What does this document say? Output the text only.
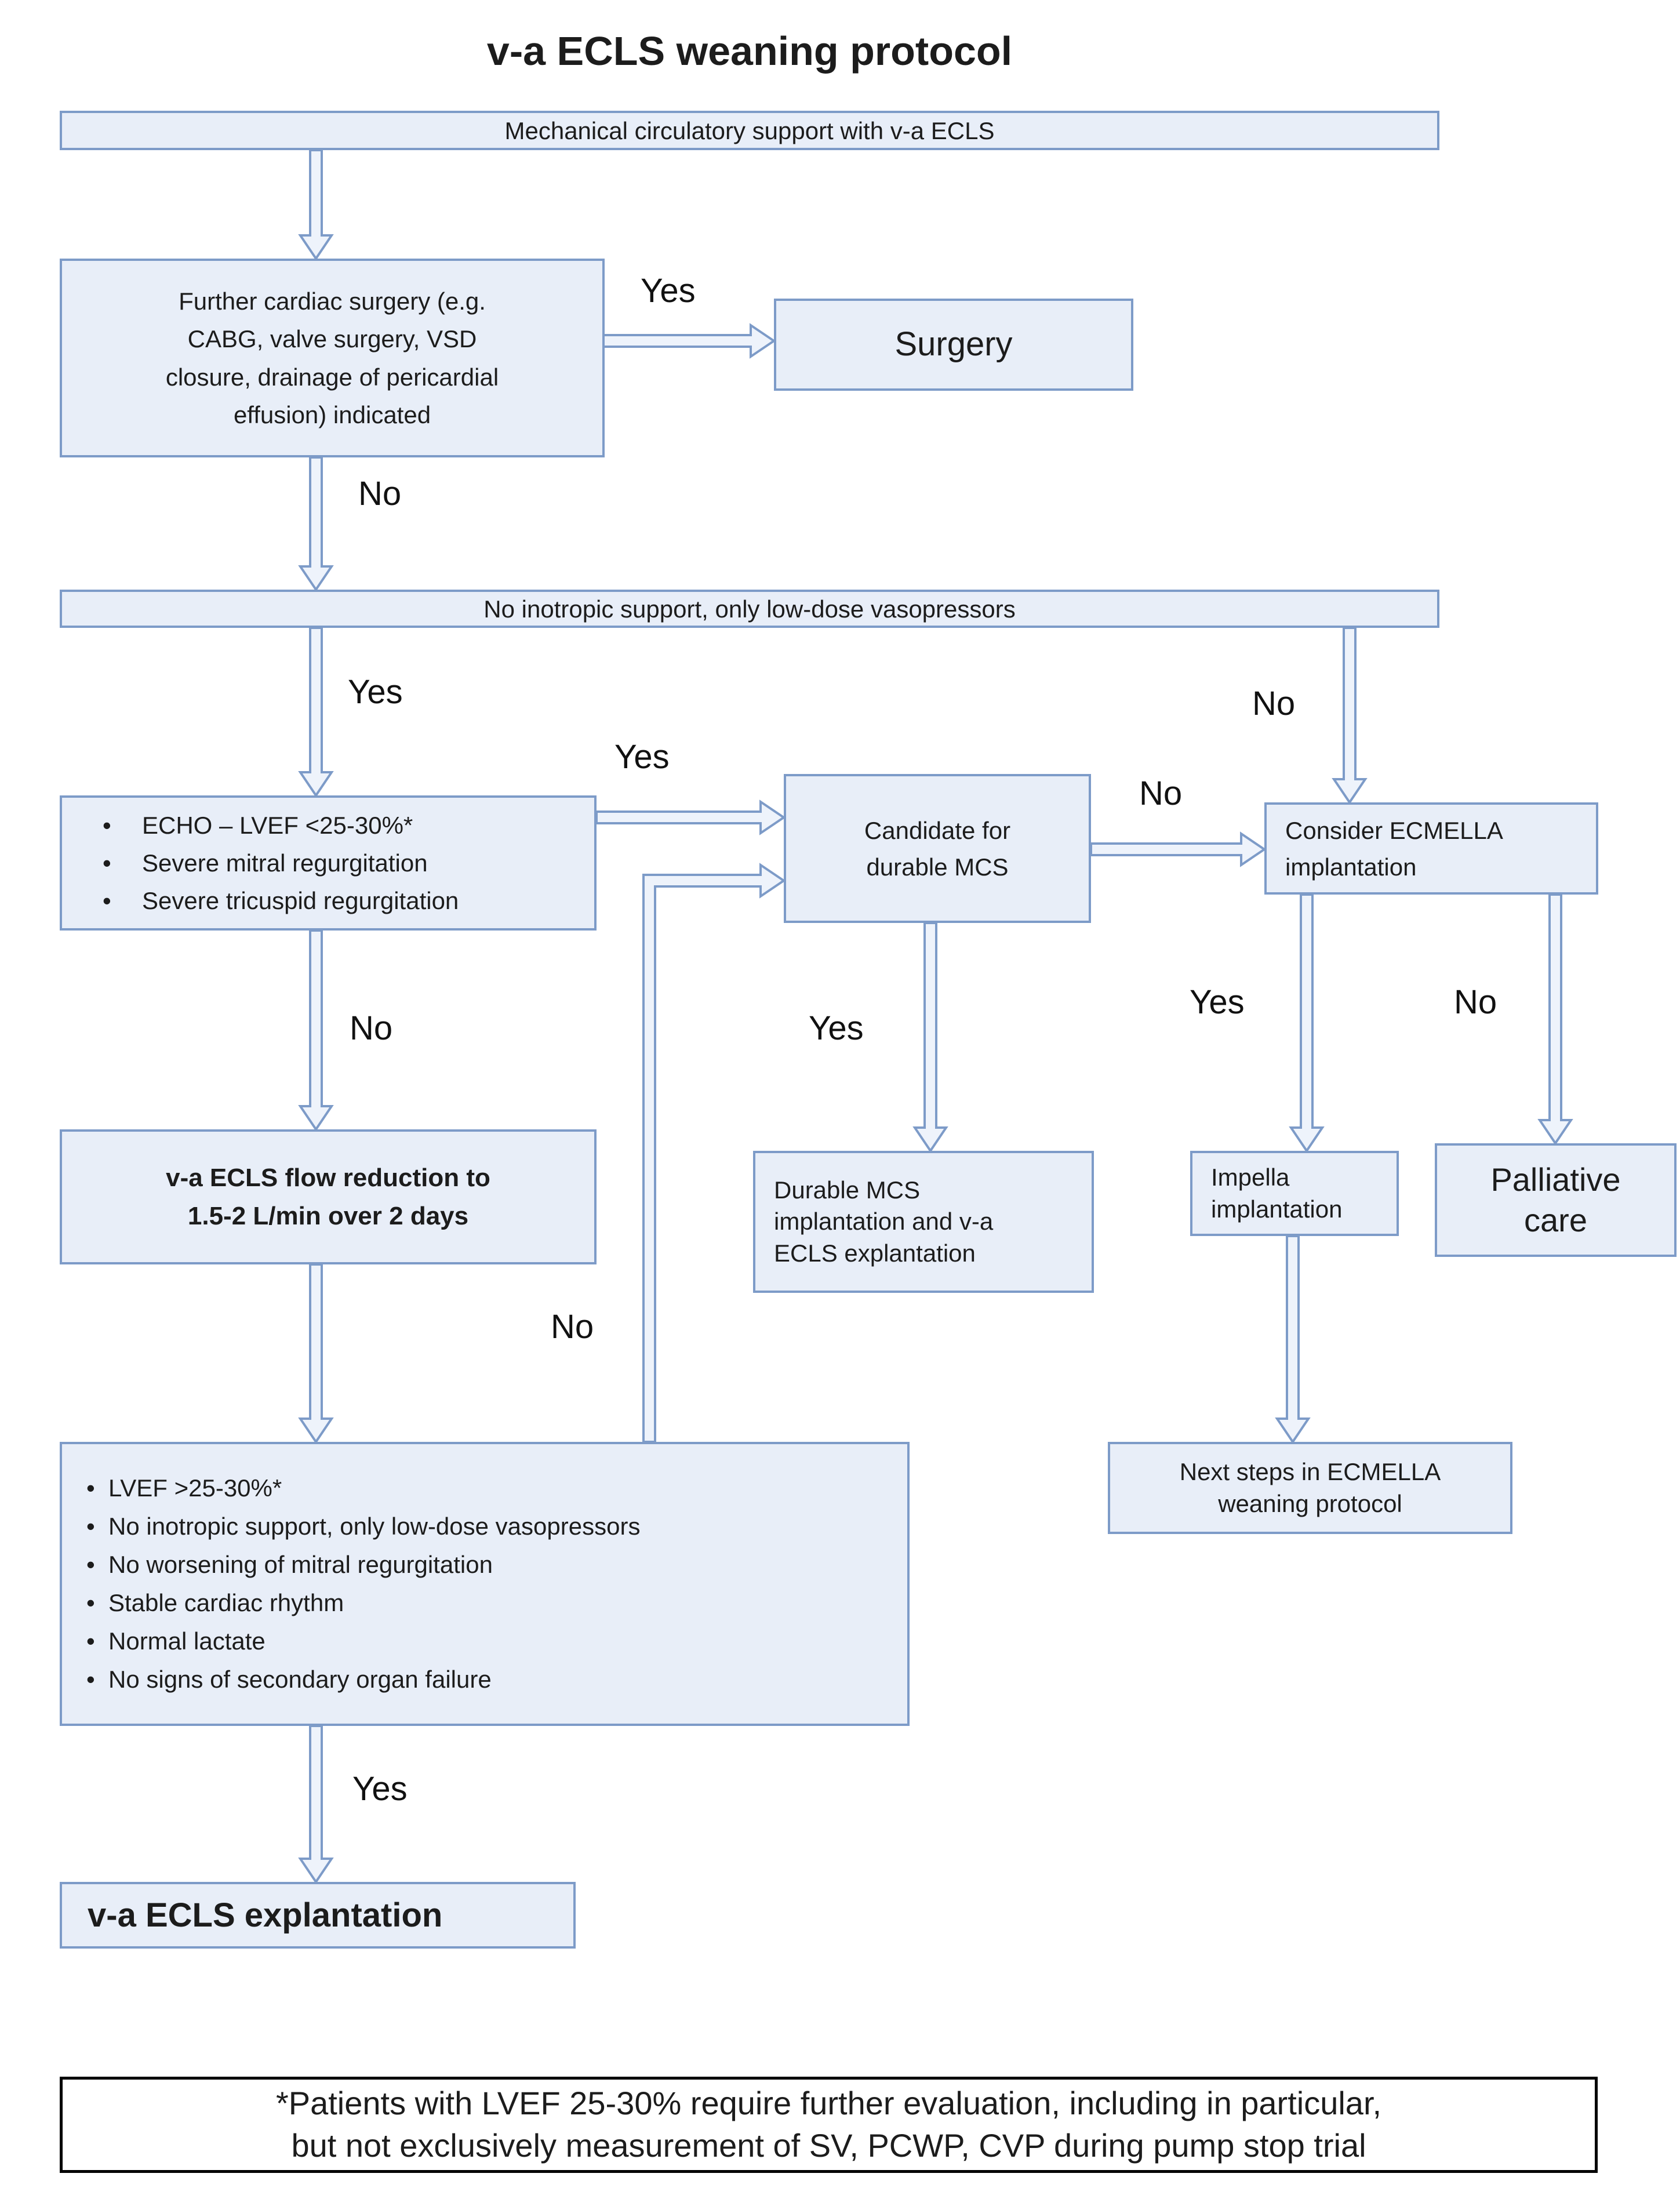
v-a ECLS weaning protocol
Mechanical circulatory support with v-a ECLS
Further cardiac surgery (e.g.
CABG, valve surgery, VSD
closure, drainage of pericardial
effusion) indicated
Surgery
No inotropic support, only low-dose vasopressors
• ECHO – LVEF <25-30%*
• Severe mitral regurgitation
• Severe tricuspid regurgitation
Candidate for
durable MCS
Consider ECMELLA
implantation
v-a ECLS flow reduction to
1.5-2 L/min over 2 days
Durable MCS
implantation and v-a
ECLS explantation
Impella
implantation
Palliative
care
Next steps in ECMELLA
weaning protocol
• LVEF >25-30%*
• No inotropic support, only low-dose vasopressors
• No worsening of mitral regurgitation
• Stable cardiac rhythm
• Normal lactate
• No signs of secondary organ failure
v-a ECLS explantation
*Patients with LVEF 25-30% require further evaluation, including in particular,
but not exclusively measurement of SV, PCWP, CVP during pump stop trial
Yes
No
Yes	No
Yes
No
No	Yes
Yes	No
No
Yes
